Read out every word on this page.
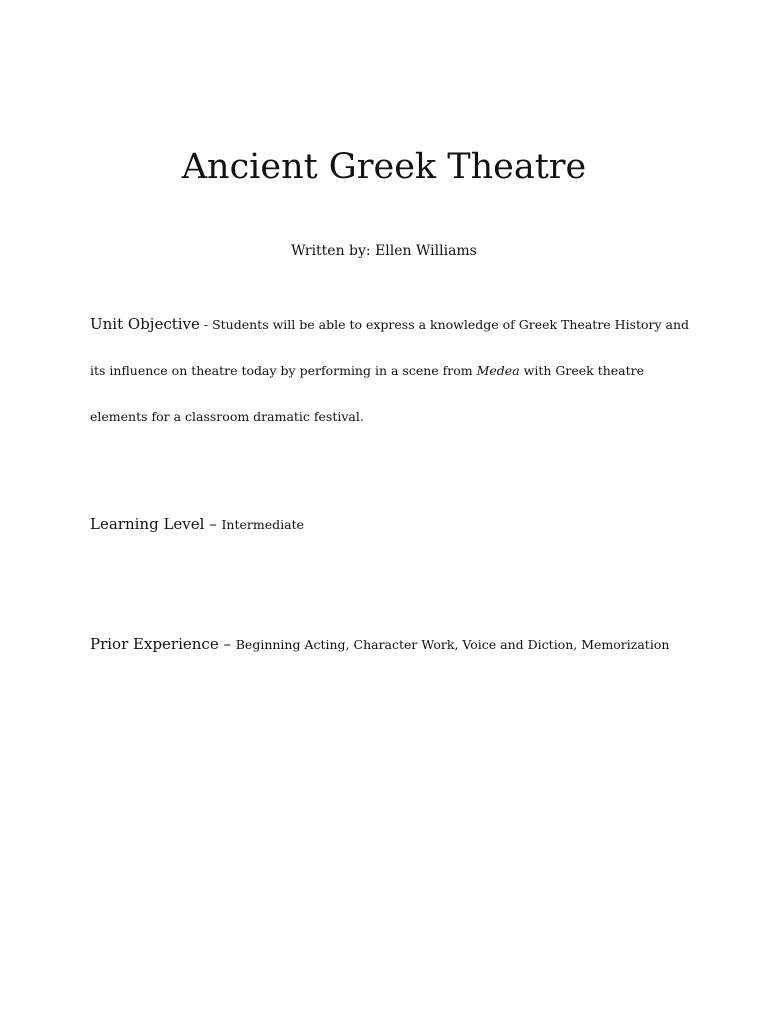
Ancient Greek Theatre
Written by: Ellen Williams
Unit Objective - Students will be able to express a knowledge of Greek Theatre History and its influence on theatre today by performing in a scene from Medea with Greek theatre elements for a classroom dramatic festival.
Learning Level – Intermediate
Prior Experience – Beginning Acting, Character Work, Voice and Diction, Memorization
